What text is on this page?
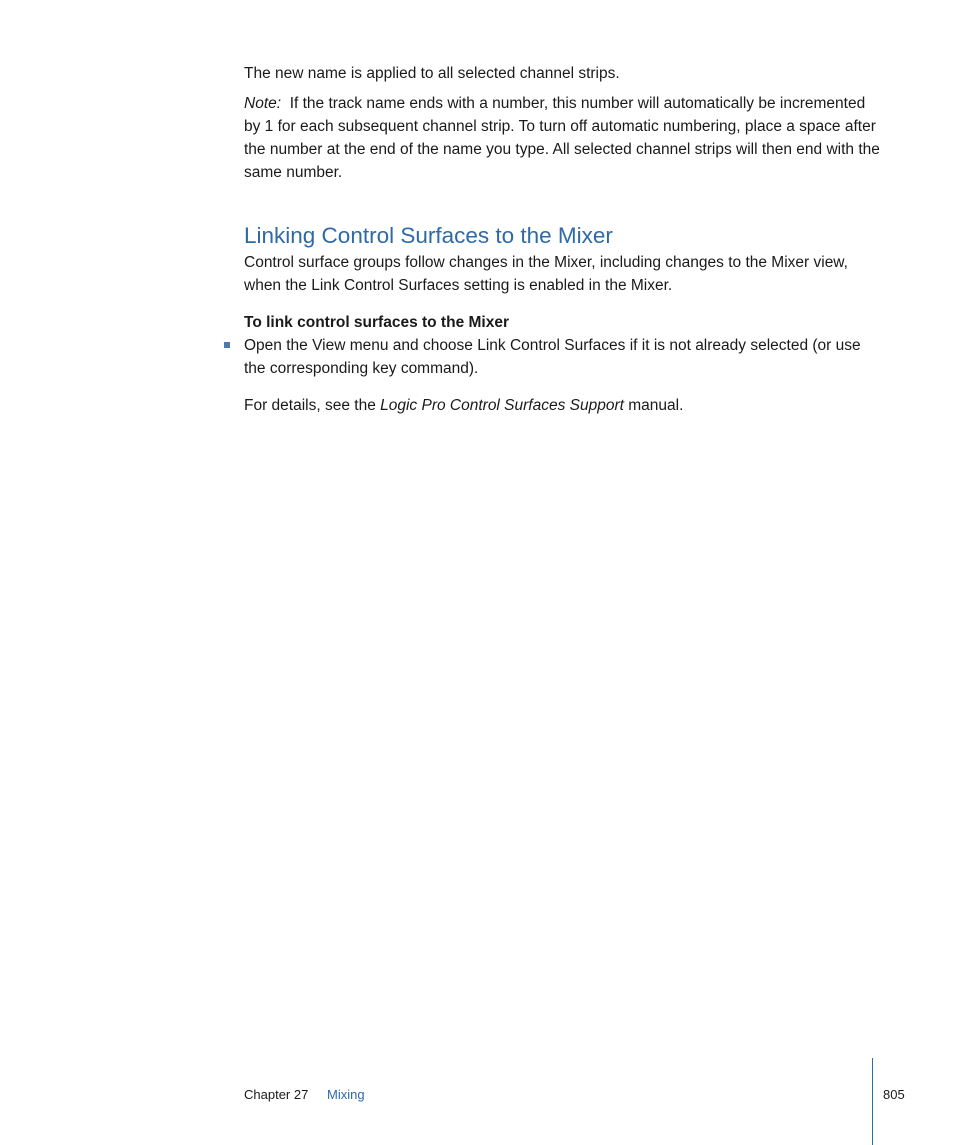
The new name is applied to all selected channel strips.

Note: If the track name ends with a number, this number will automatically be incremented by 1 for each subsequent channel strip. To turn off automatic numbering, place a space after the number at the end of the name you type. All selected channel strips will then end with the same number.

Linking Control Surfaces to the Mixer

Control surface groups follow changes in the Mixer, including changes to the Mixer view, when the Link Control Surfaces setting is enabled in the Mixer.

To link control surfaces to the Mixer

Open the View menu and choose Link Control Surfaces if it is not already selected (or use the corresponding key command).

For details, see the Logic Pro Control Surfaces Support manual.

Chapter 27 Mixing	805
